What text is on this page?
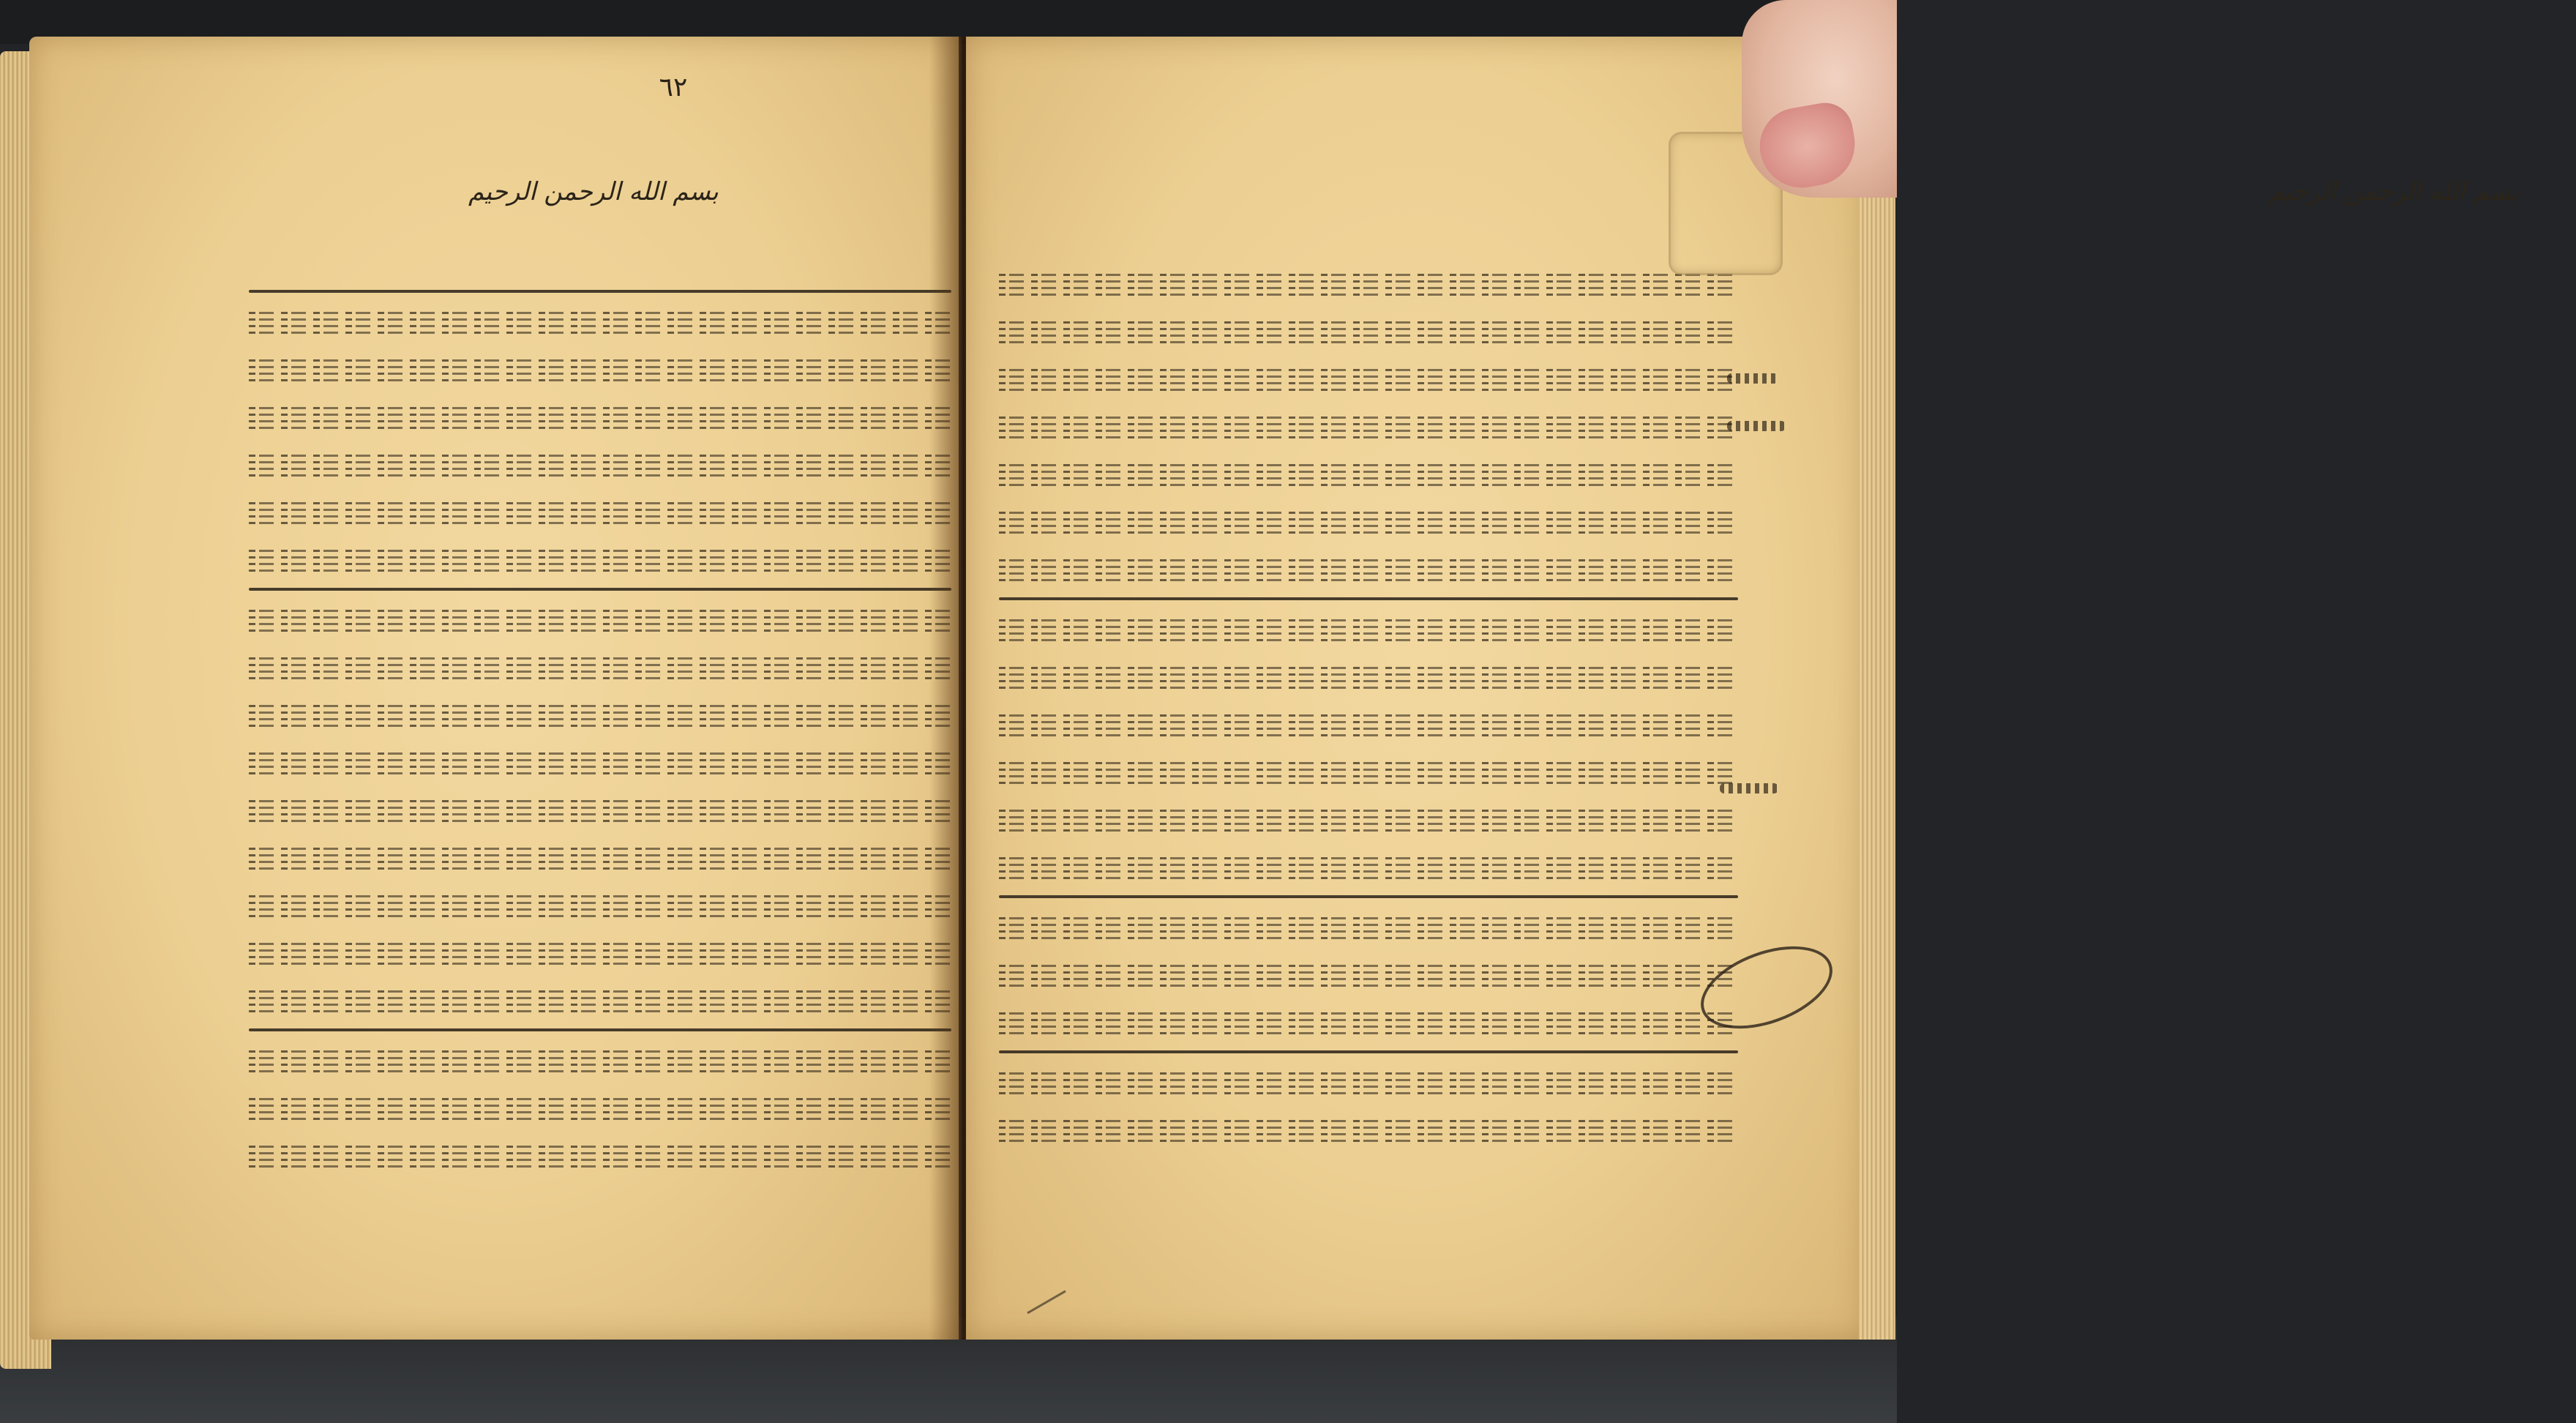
٦٢
بسم الله الرحمن الرحیم	بسم الله الرحمن الرحیم
